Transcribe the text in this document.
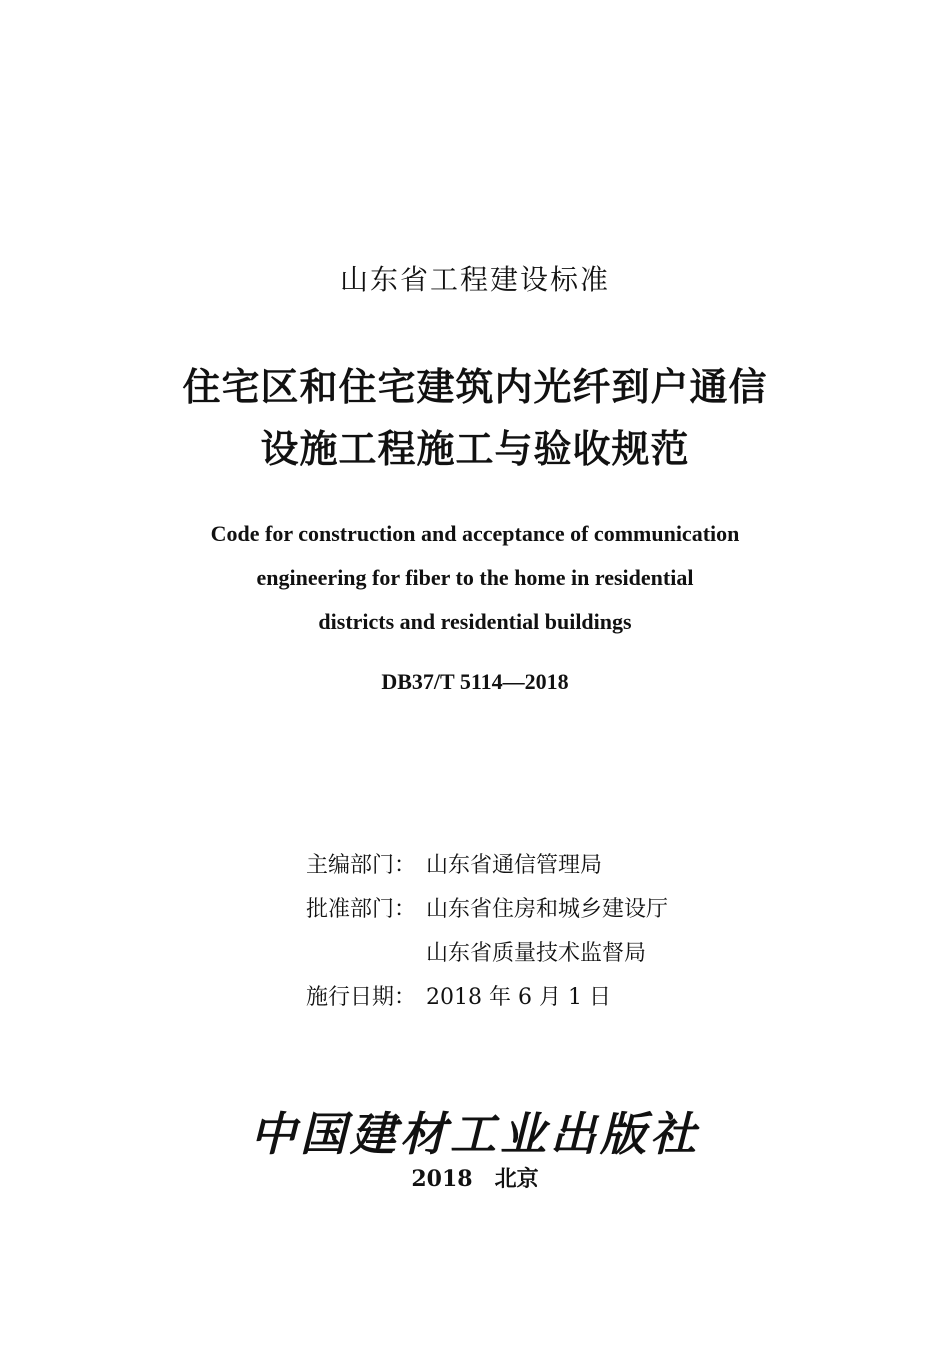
山东省工程建设标准
住宅区和住宅建筑内光纤到户通信
设施工程施工与验收规范
Code for construction and acceptance of communication
engineering for fiber to the home in residential
districts and residential buildings
DB37/T 5114—2018
主编部门： 山东省通信管理局
批准部门： 山东省住房和城乡建设厅
山东省质量技术监督局
施行日期： 2018 年 6 月 1 日
中国建材工业出版社
2018　北京
